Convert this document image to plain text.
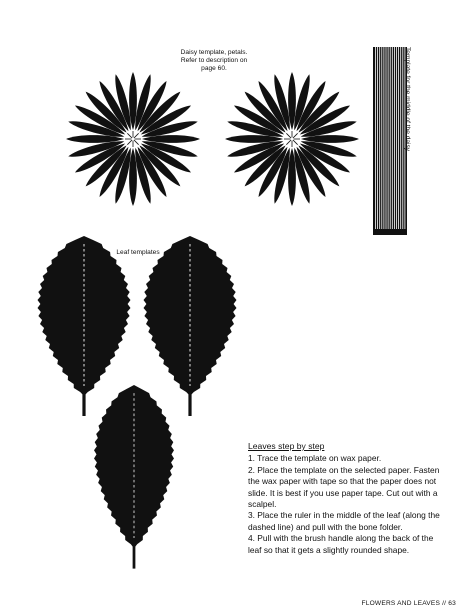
Daisy template, petals.
Refer to description on
page 60.	Template for the middle of the daisy
Leaf templates
Leaves step by step

1. Trace the template on wax paper.

2. Place the template on the selected paper. Fasten the wax paper with tape so that the paper does not slide. It is best if you use paper tape. Cut out with a scalpel.

3. Place the ruler in the middle of the leaf (along the dashed line) and pull with the bone folder.

4. Pull with the brush handle along the back of the leaf so that it gets a slightly rounded shape.

FLOWERS AND LEAVES // 63
